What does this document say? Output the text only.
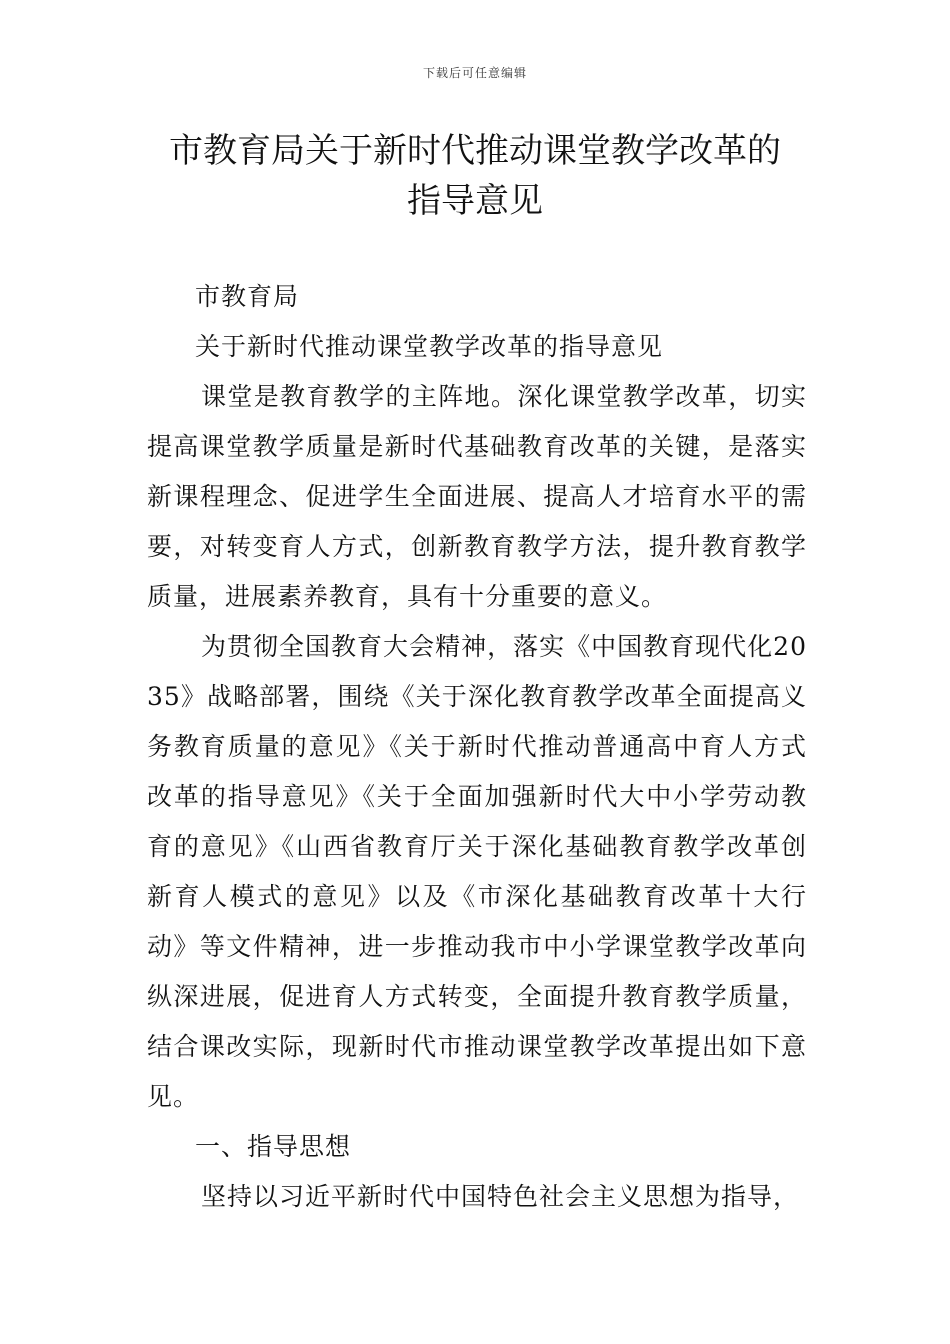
下载后可任意编辑
市教育局关于新时代推动课堂教学改革的
指导意见

市教育局

关于新时代推动课堂教学改革的指导意见

课堂是教育教学的主阵地。深化课堂教学改革，切实提高课堂教学质量是新时代基础教育改革的关键，是落实新课程理念、促进学生全面进展、提高人才培育水平的需要，对转变育人方式，创新教育教学方法，提升教育教学质量，进展素养教育，具有十分重要的意义。

为贯彻全国教育大会精神，落实《中国教育现代化2035》战略部署，围绕《关于深化教育教学改革全面提高义务教育质量的意见》《关于新时代推动普通高中育人方式改革的指导意见》《关于全面加强新时代大中小学劳动教育的意见》《山西省教育厅关于深化基础教育教学改革创新育人模式的意见》以及《市深化基础教育改革十大行动》等文件精神，进一步推动我市中小学课堂教学改革向纵深进展，促进育人方式转变，全面提升教育教学质量，结合课改实际，现新时代市推动课堂教学改革提出如下意见。

一、指导思想

坚持以习近平新时代中国特色社会主义思想为指导，
